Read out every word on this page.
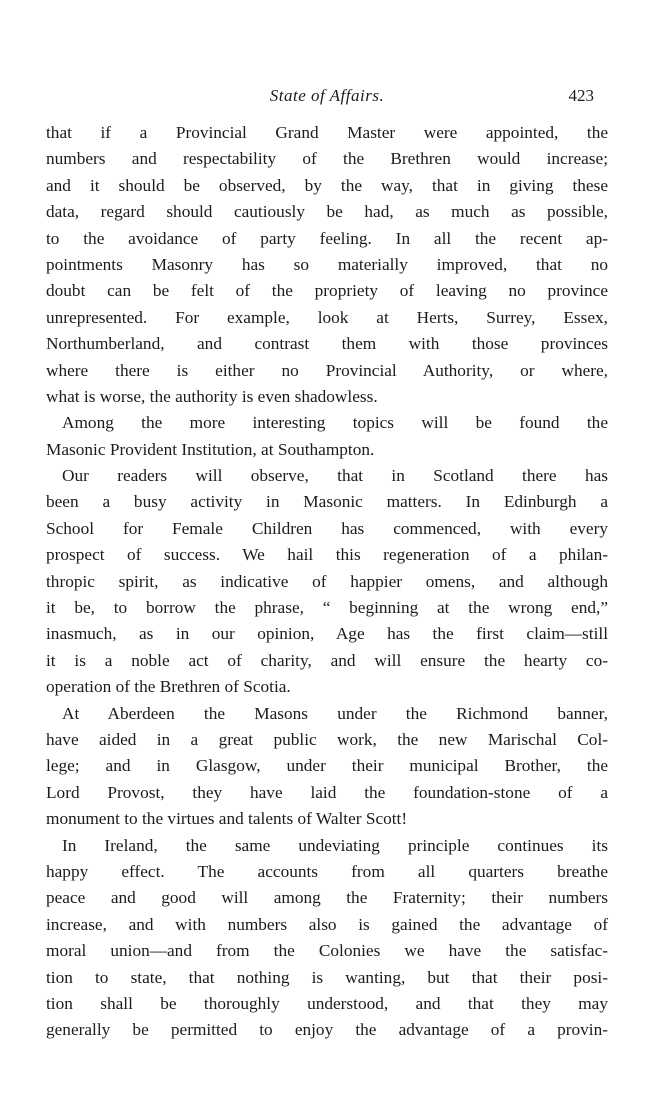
State of Affairs.	423
that if a Provincial Grand Master were appointed, the
numbers and respectability of the Brethren would increase;
and it should be observed, by the way, that in giving these
data, regard should cautiously be had, as much as possible,
to the avoidance of party feeling. In all the recent ap-
pointments Masonry has so materially improved, that no
doubt can be felt of the propriety of leaving no province
unrepresented. For example, look at Herts, Surrey, Essex,
Northumberland, and contrast them with those provinces
where there is either no Provincial Authority, or where,
what is worse, the authority is even shadowless.
Among the more interesting topics will be found the
Masonic Provident Institution, at Southampton.
Our readers will observe, that in Scotland there has
been a busy activity in Masonic matters. In Edinburgh a
School for Female Children has commenced, with every
prospect of success. We hail this regeneration of a philan-
thropic spirit, as indicative of happier omens, and although
it be, to borrow the phrase, “ beginning at the wrong end,”
inasmuch, as in our opinion, Age has the first claim—still
it is a noble act of charity, and will ensure the hearty co-
operation of the Brethren of Scotia.
At Aberdeen the Masons under the Richmond banner,
have aided in a great public work, the new Marischal Col-
lege; and in Glasgow, under their municipal Brother, the
Lord Provost, they have laid the foundation-stone of a
monument to the virtues and talents of Walter Scott!
In Ireland, the same undeviating principle continues its
happy effect. The accounts from all quarters breathe
peace and good will among the Fraternity; their numbers
increase, and with numbers also is gained the advantage of
moral union—and from the Colonies we have the satisfac-
tion to state, that nothing is wanting, but that their posi-
tion shall be thoroughly understood, and that they may
generally be permitted to enjoy the advantage of a provin-
